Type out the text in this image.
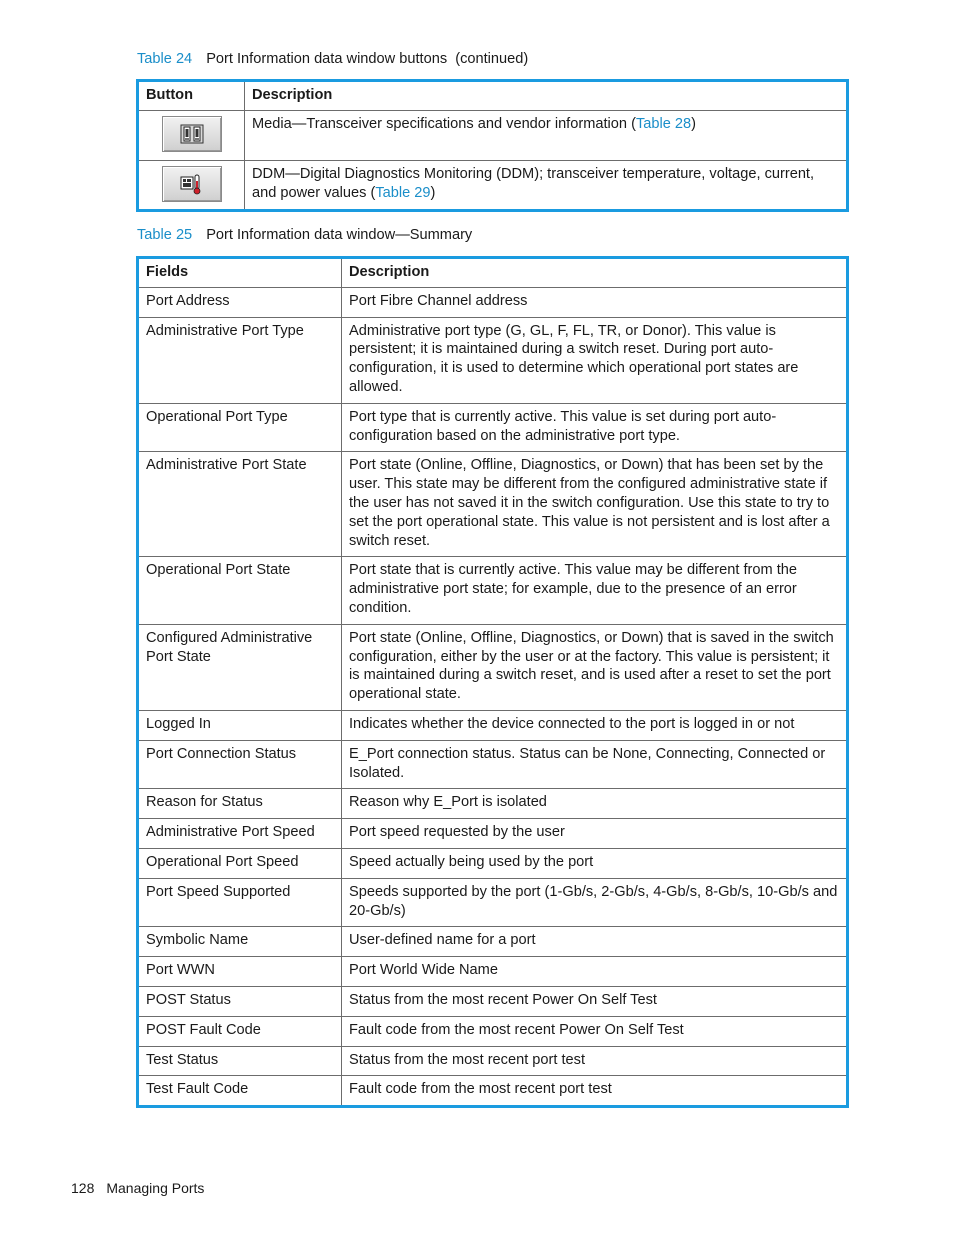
Table 24 Port Information data window buttons  (continued)
Button	Description

	Media—Transceiver specifications and vendor information (Table 28)

	DDM—Digital Diagnostics Monitoring (DDM); transceiver temperature, voltage, current, and power values (Table 29)
Table 25 Port Information data window—Summary
Fields	Description
Port Address	Port Fibre Channel address
Administrative Port Type	Administrative port type (G, GL, F, FL, TR, or Donor). This value is persistent; it is maintained during a switch reset. During port auto-configuration, it is used to determine which operational port states are allowed.
Operational Port Type	Port type that is currently active. This value is set during port auto-configuration based on the administrative port type.
Administrative Port State	Port state (Online, Offline, Diagnostics, or Down) that has been set by the user. This state may be different from the configured administrative state if the user has not saved it in the switch configuration. Use this state to try to set the port operational state. This value is not persistent and is lost after a switch reset.
Operational Port State	Port state that is currently active. This value may be different from the administrative port state; for example, due to the presence of an error condition.
Configured Administrative Port State	Port state (Online, Offline, Diagnostics, or Down) that is saved in the switch configuration, either by the user or at the factory. This value is persistent; it is maintained during a switch reset, and is used after a reset to set the port operational state.
Logged In	Indicates whether the device connected to the port is logged in or not
Port Connection Status	E_Port connection status. Status can be None, Connecting, Connected or Isolated.
Reason for Status	Reason why E_Port is isolated
Administrative Port Speed	Port speed requested by the user
Operational Port Speed	Speed actually being used by the port
Port Speed Supported	Speeds supported by the port (1-Gb/s, 2-Gb/s, 4-Gb/s, 8-Gb/s, 10-Gb/s and 20-Gb/s)
Symbolic Name	User-defined name for a port
Port WWN	Port World Wide Name
POST Status	Status from the most recent Power On Self Test
POST Fault Code	Fault code from the most recent Power On Self Test
Test Status	Status from the most recent port test
Test Fault Code	Fault code from the most recent port test
128 Managing Ports
